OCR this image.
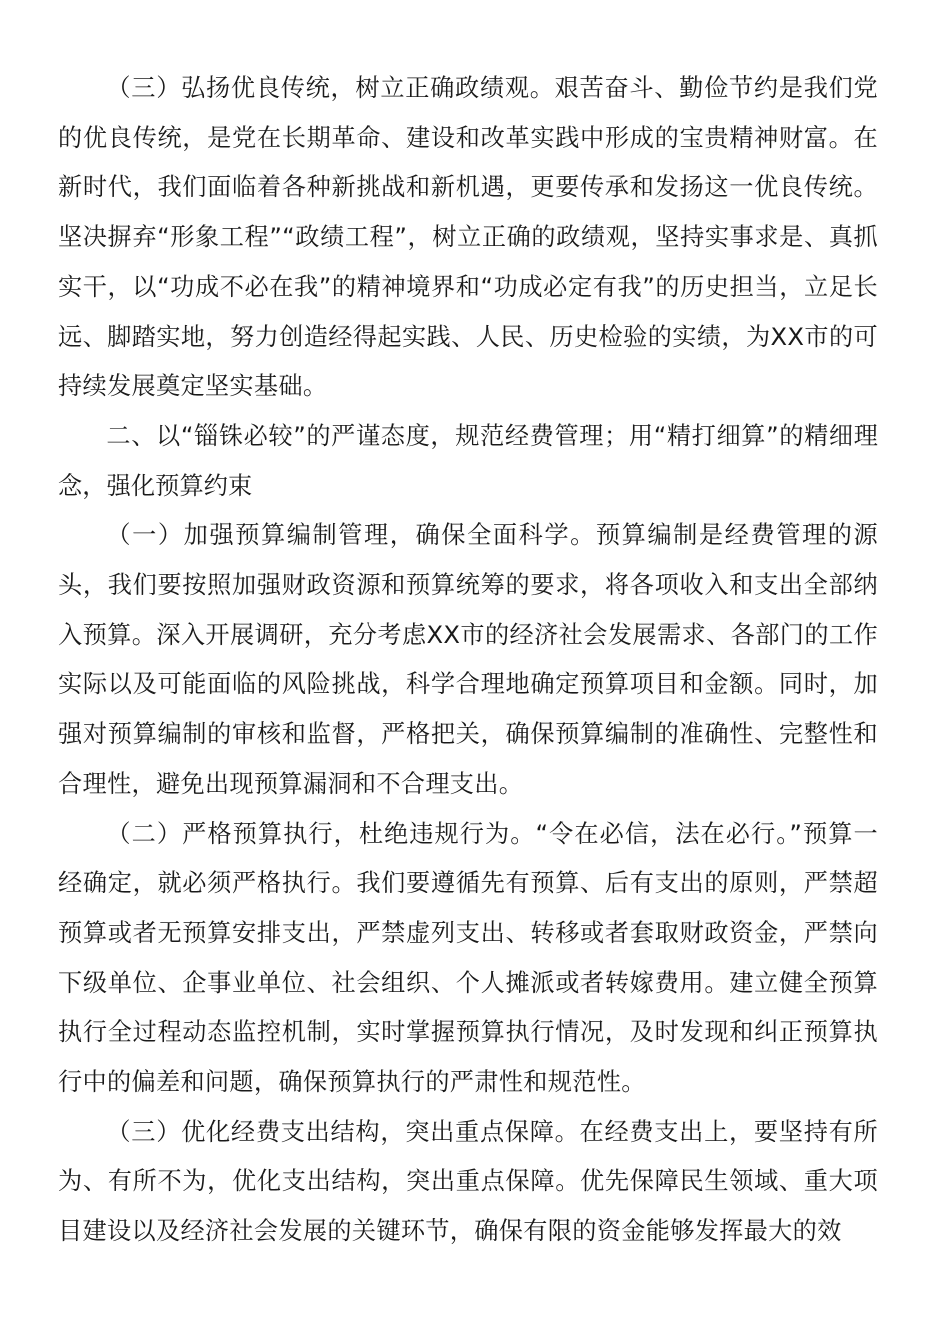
（三）弘扬优良传统，树立正确政绩观。艰苦奋斗、勤俭节约是我们党的优良传统，是党在长期革命、建设和改革实践中形成的宝贵精神财富。在新时代，我们面临着各种新挑战和新机遇，更要传承和发扬这一优良传统。坚决摒弃“形象工程”“政绩工程”，树立正确的政绩观，坚持实事求是、真抓实干，以“功成不必在我”的精神境界和“功成必定有我”的历史担当，立足长远、脚踏实地，努力创造经得起实践、人民、历史检验的实绩，为XX市的可持续发展奠定坚实基础。

二、以“锱铢必较”的严谨态度，规范经费管理；用“精打细算”的精细理念，强化预算约束

（一）加强预算编制管理，确保全面科学。预算编制是经费管理的源头，我们要按照加强财政资源和预算统筹的要求，将各项收入和支出全部纳入预算。深入开展调研，充分考虑XX市的经济社会发展需求、各部门的工作实际以及可能面临的风险挑战，科学合理地确定预算项目和金额。同时，加强对预算编制的审核和监督，严格把关，确保预算编制的准确性、完整性和合理性，避免出现预算漏洞和不合理支出。

（二）严格预算执行，杜绝违规行为。“令在必信，法在必行。”预算一经确定，就必须严格执行。我们要遵循先有预算、后有支出的原则，严禁超预算或者无预算安排支出，严禁虚列支出、转移或者套取财政资金，严禁向下级单位、企事业单位、社会组织、个人摊派或者转嫁费用。建立健全预算执行全过程动态监控机制，实时掌握预算执行情况，及时发现和纠正预算执行中的偏差和问题，确保预算执行的严肃性和规范性。

（三）优化经费支出结构，突出重点保障。在经费支出上，要坚持有所为、有所不为，优化支出结构，突出重点保障。优先保障民生领域、重大项目建设以及经济社会发展的关键环节，确保有限的资金能够发挥最大的效
